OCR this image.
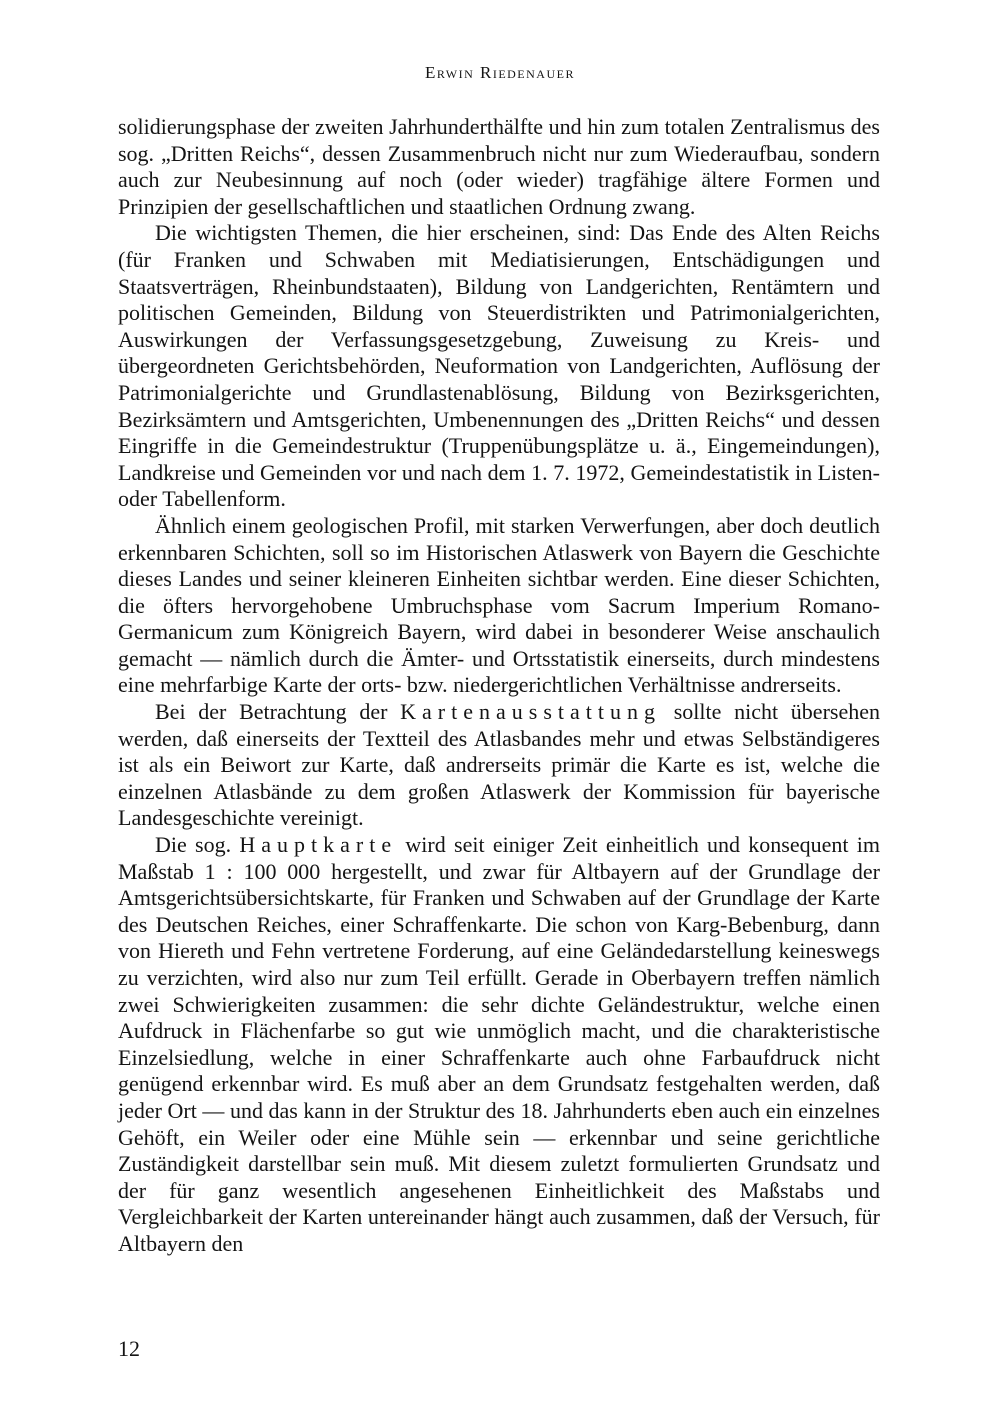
Erwin Riedenauer

solidierungsphase der zweiten Jahrhunderthälfte und hin zum totalen Zentralismus des sog. „Dritten Reichs“, dessen Zusammenbruch nicht nur zum Wiederaufbau, sondern auch zur Neubesinnung auf noch (oder wieder) tragfähige ältere Formen und Prinzipien der gesellschaftlichen und staatlichen Ordnung zwang.

Die wichtigsten Themen, die hier erscheinen, sind: Das Ende des Alten Reichs (für Franken und Schwaben mit Mediatisierungen, Entschädigungen und Staatsverträgen, Rheinbundstaaten), Bildung von Landgerichten, Rentämtern und politischen Gemeinden, Bildung von Steuerdistrikten und Patrimonialgerichten, Auswirkungen der Verfassungsgesetzgebung, Zuweisung zu Kreis- und übergeordneten Gerichtsbehörden, Neuformation von Landgerichten, Auflösung der Patrimonialgerichte und Grundlastenablösung, Bildung von Bezirksgerichten, Bezirksämtern und Amtsgerichten, Umbenennungen des „Dritten Reichs“ und dessen Eingriffe in die Gemeindestruktur (Truppenübungsplätze u. ä., Eingemeindungen), Landkreise und Gemeinden vor und nach dem 1. 7. 1972, Gemeindestatistik in Listen- oder Tabellenform.

Ähnlich einem geologischen Profil, mit starken Verwerfungen, aber doch deutlich erkennbaren Schichten, soll so im Historischen Atlaswerk von Bayern die Geschichte dieses Landes und seiner kleineren Einheiten sichtbar werden. Eine dieser Schichten, die öfters hervorgehobene Umbruchsphase vom Sacrum Imperium Romano-Germanicum zum Königreich Bayern, wird dabei in besonderer Weise anschaulich gemacht — nämlich durch die Ämter- und Ortsstatistik einerseits, durch mindestens eine mehrfarbige Karte der orts- bzw. niedergerichtlichen Verhältnisse andrerseits.

Bei der Betrachtung der Kartenausstattung sollte nicht übersehen werden, daß einerseits der Textteil des Atlasbandes mehr und etwas Selbständigeres ist als ein Beiwort zur Karte, daß andrerseits primär die Karte es ist, welche die einzelnen Atlasbände zu dem großen Atlaswerk der Kommission für bayerische Landesgeschichte vereinigt.

Die sog. Hauptkarte wird seit einiger Zeit einheitlich und konsequent im Maßstab 1 : 100 000 hergestellt, und zwar für Altbayern auf der Grundlage der Amtsgerichtsübersichtskarte, für Franken und Schwaben auf der Grundlage der Karte des Deutschen Reiches, einer Schraffenkarte. Die schon von Karg-Bebenburg, dann von Hiereth und Fehn vertretene Forderung, auf eine Geländedarstellung keineswegs zu verzichten, wird also nur zum Teil erfüllt. Gerade in Oberbayern treffen nämlich zwei Schwierigkeiten zusammen: die sehr dichte Geländestruktur, welche einen Aufdruck in Flächenfarbe so gut wie unmöglich macht, und die charakteristische Einzelsiedlung, welche in einer Schraffenkarte auch ohne Farbaufdruck nicht genügend erkennbar wird. Es muß aber an dem Grundsatz festgehalten werden, daß jeder Ort — und das kann in der Struktur des 18. Jahrhunderts eben auch ein einzelnes Gehöft, ein Weiler oder eine Mühle sein — erkennbar und seine gerichtliche Zuständigkeit darstellbar sein muß. Mit diesem zuletzt formulierten Grundsatz und der für ganz wesentlich angesehenen Einheitlichkeit des Maßstabs und Vergleichbarkeit der Karten untereinander hängt auch zusammen, daß der Versuch, für Altbayern den

12
